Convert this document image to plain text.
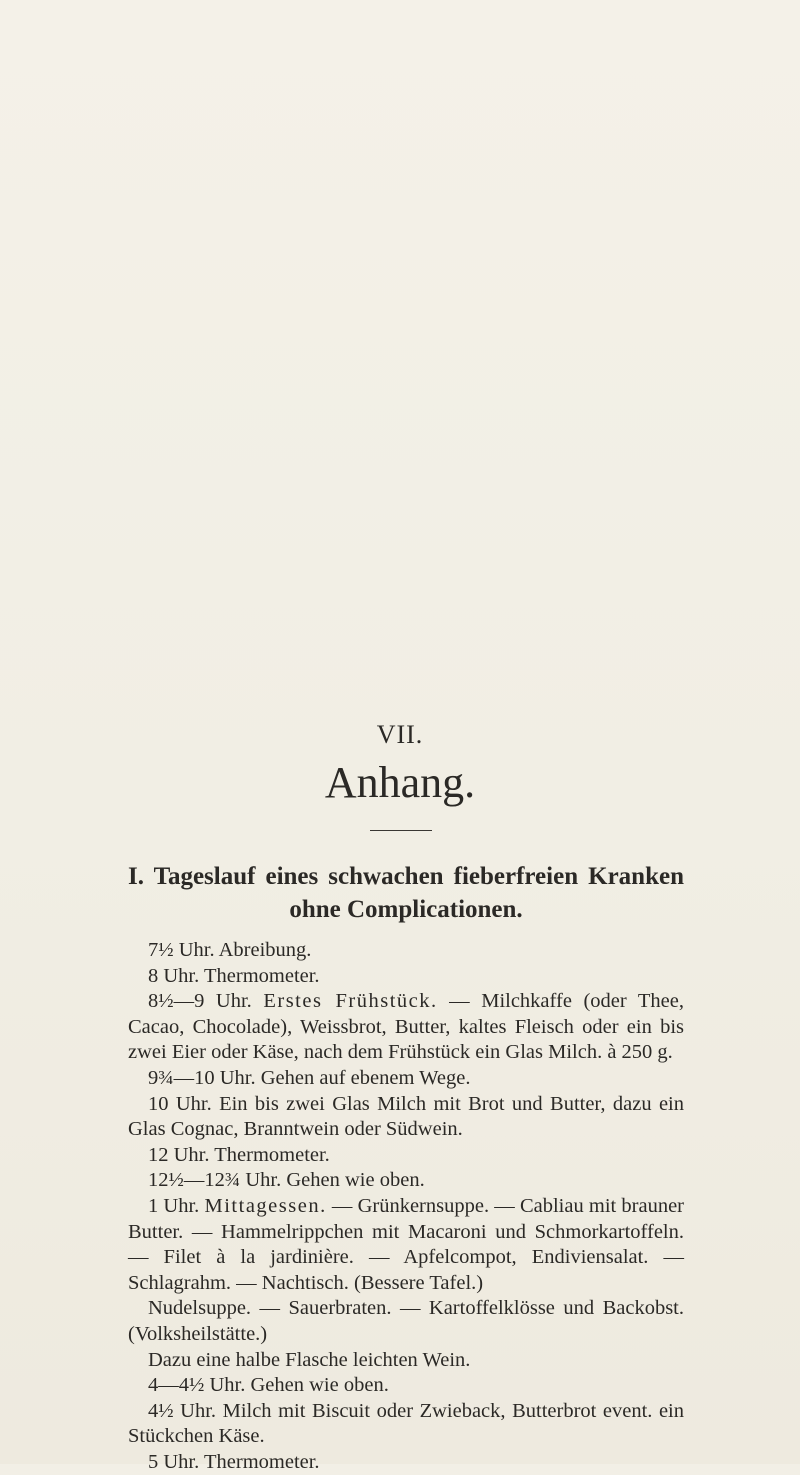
VII.
Anhang.
I. Tageslauf eines schwachen fieberfreien Kranken ohne Complicationen.

7½ Uhr. Abreibung.

8 Uhr. Thermometer.

8½—9 Uhr. Erstes Frühstück. — Milchkaffe (oder Thee, Cacao, Chocolade), Weissbrot, Butter, kaltes Fleisch oder ein bis zwei Eier oder Käse, nach dem Frühstück ein Glas Milch. à 250 g.

9¾—10 Uhr. Gehen auf ebenem Wege.

10 Uhr. Ein bis zwei Glas Milch mit Brot und Butter, dazu ein Glas Cognac, Branntwein oder Südwein.

12 Uhr. Thermometer.

12½—12¾ Uhr. Gehen wie oben.

1 Uhr. Mittagessen. — Grünkernsuppe. — Cabliau mit brauner Butter. — Hammelrippchen mit Macaroni und Schmorkartoffeln. — Filet à la jardinière. — Apfelcompot, Endiviensalat. — Schlagrahm. — Nachtisch. (Bessere Tafel.)

Nudelsuppe. — Sauerbraten. — Kartoffelklösse und Backobst. (Volksheilstätte.)

Dazu eine halbe Flasche leichten Wein.

4—4½ Uhr. Gehen wie oben.

4½ Uhr. Milch mit Biscuit oder Zwieback, Butterbrot event. ein Stückchen Käse.

5 Uhr. Thermometer.
